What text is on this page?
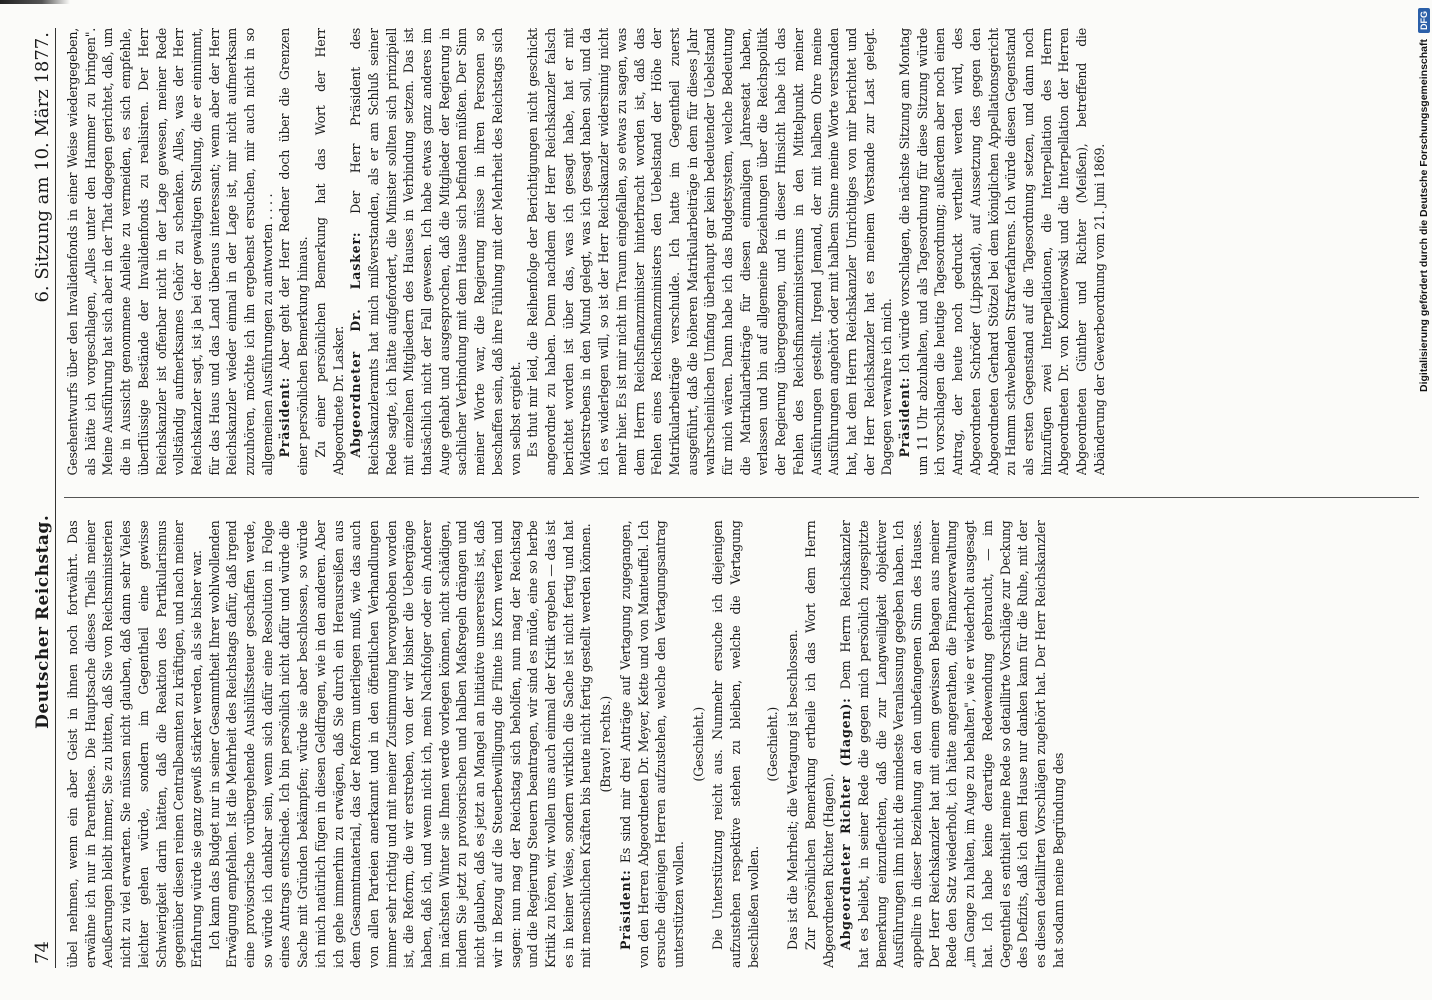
74
Deutscher Reichstag.
6. Sitzung am 10. März 1877.

übel nehmen, wenn ein aber Geist in ihnen noch fortwährt. Das erwähne ich nur in Parenthese. Die Hauptsache dieses Theils meiner Aeußerungen bleibt immer, Sie zu bitten, daß Sie von Reichsministerien nicht zu viel erwarten. Sie müssen nicht glauben, daß dann sehr Vieles leichter gehen würde, sondern im Gegentheil eine gewisse Schwierigkeit darin hätten, daß die Reaktion des Partikularismus gegenüber diesen reinen Centralbeamten zu kräftigen, und nach meiner Erfahrung würde sie ganz gewiß stärker werden, als sie bisher war. Ich kann das Budget nur in seiner Gesammtheit Ihrer wohlwollenden Erwägung empfehlen. Ist die Mehrheit des Reichstags dafür, daß irgend eine provisorische vorübergehende Aushülfssteuer geschaffen werde, so würde ich dankbar sein, wenn sich dafür eine Resolution in Folge eines Antrags entschiede. Ich bin persönlich nicht dafür und würde die Sache mit Gründen bekämpfen; würde sie aber beschlossen, so würde ich mich natürlich fügen in diesen Geldfragen, wie in den anderen. Aber ich gehe immerhin zu erwägen, daß Sie durch ein Herausreißen aus dem Gesammtmaterial, das der Reform unterliegen muß, wie das auch von allen Parteien anerkannt und in den öffentlichen Verhandlungen immer sehr richtig und mit meiner Zustimmung hervorgehoben worden ist, die Reform, die wir erstreben, von der wir bisher die Uebergänge haben, daß ich, und wenn nicht ich, mein Nachfolger oder ein Anderer im nächsten Winter sie Ihnen werde vorlegen können, nicht schädigen, indem Sie jetzt zu provisorischen und halben Maßregeln drängen und nicht glauben, daß es jetzt an Mangel an Initiative unsererseits ist, daß wir in Bezug auf die Steuerbewilligung die Flinte ins Korn werfen und sagen: nun mag der Reichstag sich beholfen, nun mag der Reichstag und die Regierung Steuern beantragen, wir sind es müde, eine so herbe Kritik zu hören, wir wollen uns auch einmal der Kritik ergeben — das ist es in keiner Weise, sondern wirklich die Sache ist nicht fertig und hat mit menschlichen Kräften bis heute nicht fertig gestellt werden können. (Bravo! rechts.)

Präsident: Es sind mir drei Anträge auf Vertagung zugegangen, von den Herren Abgeordneten Dr. Meyer, Kette und von Manteuffel. Ich ersuche diejenigen Herren aufzustehen, welche den Vertagungsantrag unterstützen wollen.

(Geschieht.) Die Unterstützung reicht aus. Nunmehr ersuche ich diejenigen aufzustehen respektive stehen zu bleiben, welche die Vertagung beschließen wollen.

(Geschieht.) Das ist die Mehrheit; die Vertagung ist beschlossen. Zur persönlichen Bemerkung ertheile ich das Wort dem Herrn Abgeordneten Richter (Hagen). Abgeordneter Richter (Hagen): Dem Herrn Reichskanzler hat es beliebt, in seiner Rede die gegen mich persönlich zugespitzte Bemerkung einzuflechten, daß die zur Langweiligkeit objektiver Ausführungen ihm nicht die mindeste Veranlassung gegeben haben. Ich appellire in dieser Beziehung an den unbefangenen Sinn des Hauses. Der Herr Reichskanzler hat mit einem gewissen Behagen aus meiner Rede den Satz wiederholt, ich hätte angerathen, die Finanzverwaltung „im Gange zu halten, im Auge zu behalten", wie er wiederholt ausgesagt hat. Ich habe keine derartige Redewendung gebraucht, — im Gegentheil es enthielt meine Rede so detaillirte Vorschläge zur Deckung des Defizits, daß ich dem Hause nur danken kann für die Ruhe, mit der es diesen detaillirten Vorschlägen zugehört hat. Der Herr Reichskanzler hat sodann meine Begründung des

Gesehentwurfs über den Invalidenfonds in einer Weise wiedergegeben, als hätte ich vorgeschlagen, „Alles unter den Hammer zu bringen". Meine Ausführung hat sich aber in der That dagegen gerichtet, daß, um die in Aussicht genommene Anleihe zu vermeiden, es sich empfehle, überflüssige Bestände der Invalidenfonds zu realisiren. Der Herr Reichskanzler ist offenbar nicht in der Lage gewesen, meiner Rede vollständig aufmerksames Gehör zu schenken. Alles, was der Herr Reichskanzler sagt, ist ja bei der gewaltigen Stellung, die er einnimmt, für das Haus und das Land überaus interessant; wenn aber der Herr Reichskanzler wieder einmal in der Lage ist, mir nicht aufmerksam zuzuhören, möchte ich ihn ergebenst ersuchen, mir auch nicht in so allgemeinen Ausführungen zu antworten . . . . Präsident: Aber geht der Herr Redner doch über die Grenzen einer persönlichen Bemerkung hinaus. Zu einer persönlichen Bemerkung hat das Wort der Herr Abgeordnete Dr. Lasker. Abgeordneter Dr. Lasker: Der Herr Präsident des Reichskanzleramts hat mich mißverstanden, als er am Schluß seiner Rede sagte, ich hätte aufgefordert, die Minister sollten sich prinzipiell mit einzelnen Mitgliedern des Hauses in Verbindung setzen. Das ist thatsächlich nicht der Fall gewesen. Ich habe etwas ganz anderes im Auge gehabt und ausgesprochen, daß die Mitglieder der Regierung in sachlicher Verbindung mit dem Hause sich befinden müßten. Der Sinn meiner Worte war, die Regierung müsse in ihren Personen so beschaffen sein, daß ihre Fühlung mit der Mehrheit des Reichstags sich von selbst ergiebt. Es thut mir leid, die Reihenfolge der Berichtigungen nicht geschickt angeordnet zu haben. Denn nachdem der Herr Reichskanzler falsch berichtet worden ist über das, was ich gesagt habe, hat er mit Widerstrebens in den Mund gelegt, was ich gesagt haben soll, und da ich es widerlegen will, so ist der Herr Reichskanzler widersinnig nicht mehr hier. Es ist mir nicht im Traum eingefallen, so etwas zu sagen, was dem Herrn Reichsfinanzminister hinterbracht worden ist, daß das Fehlen eines Reichsfinanzministers den Uebelstand der Höhe der Matrikularbeiträge verschulde. Ich hatte im Gegentheil zuerst ausgeführt, daß die höheren Matrikularbeiträge in dem für dieses Jahr wahrscheinlichen Umfang überhaupt gar kein bedeutender Uebelstand für mich wären. Dann habe ich das Budgetsystem, welche Bedeutung die Matrikularbeiträge für diesen einmaligen Jahresetat haben, verlassen und bin auf allgemeine Beziehungen über die Reichspolitik der Regierung übergegangen, und in dieser Hinsicht habe ich das Fehlen des Reichsfinanzministeriums in den Mittelpunkt meiner Ausführungen gestellt. Irgend Jemand, der mit halbem Ohre meine Ausführungen angehört oder mit halbem Sinne meine Worte verstanden hat, hat dem Herrn Reichskanzler Unrichtiges von mir berichtet und der Herr Reichskanzler hat es meinem Verstande zur Last gelegt. Dagegen verwahre ich mich. Präsident: Ich würde vorschlagen, die nächste Sitzung am Montag um 11 Uhr abzuhalten, und als Tagesordnung für diese Sitzung würde ich vorschlagen die heutige Tagesordnung; außerdem aber noch einen Antrag, der heute noch gedruckt vertheilt werden wird, des Abgeordneten Schröder (Lippstadt), auf Aussetzung des gegen den Abgeordneten Gerhard Stötzel bei dem königlichen Appellationsgericht zu Hamm schwebenden Strafverfahrens. Ich würde diesen Gegenstand als ersten Gegenstand auf die Tagesordnung setzen, und dann noch hinzufügen zwei Interpellationen, die Interpellation des Herrn Abgeordneten Dr. von Komierowski und die Interpellation der Herren Abgeordneten Günther und Richter (Meißen), betreffend die Abänderung der Gewerbeordnung vom 21. Juni 1869.	Digitalisierung gefördert durch die Deutsche Forschungsgemeinschaft
DFG
